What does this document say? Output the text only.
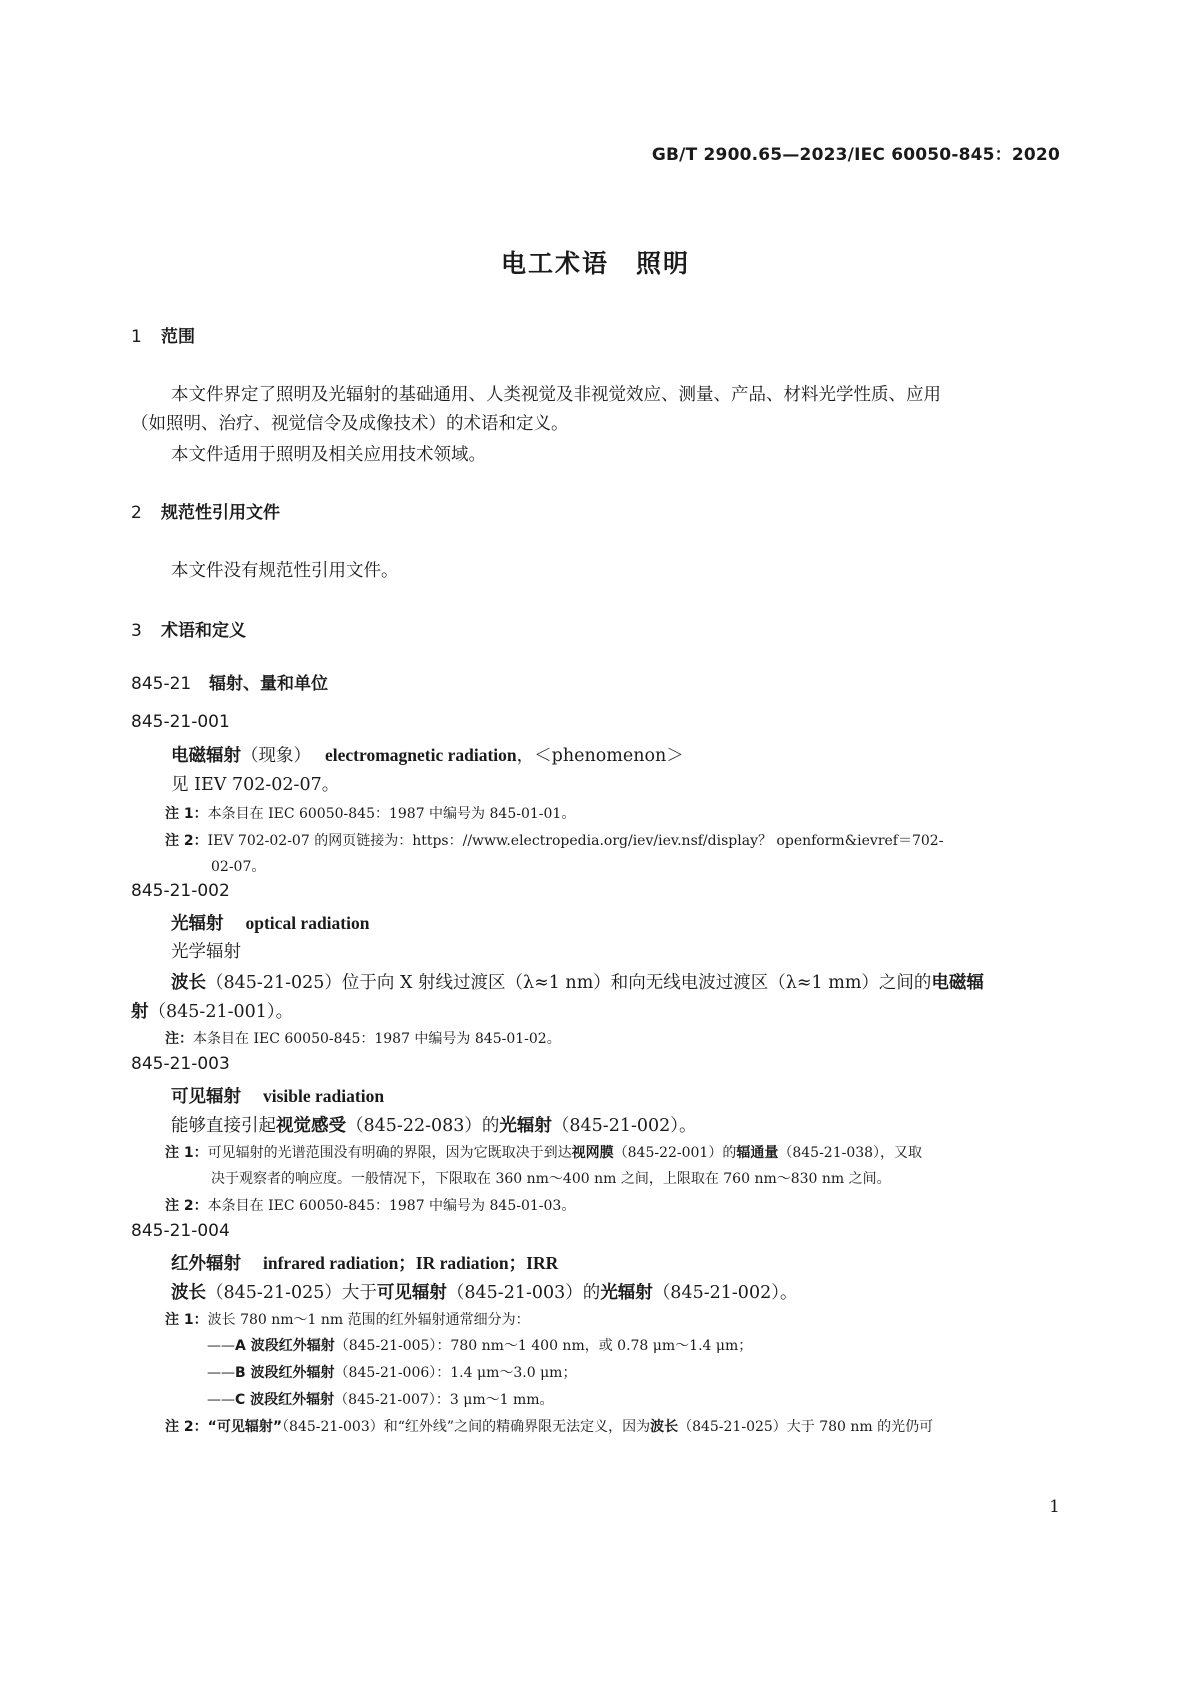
GB/T 2900.65—2023/IEC 60050-845：2020
电工术语　照明
1 范围
本文件界定了照明及光辐射的基础通用、人类视觉及非视觉效应、测量、产品、材料光学性质、应用
（如照明、治疗、视觉信令及成像技术）的术语和定义。
本文件适用于照明及相关应用技术领域。
2 规范性引用文件
本文件没有规范性引用文件。
3 术语和定义
845-21 辐射、量和单位
845-21-001
电磁辐射（现象） electromagnetic radiation，＜phenomenon＞
见 IEV 702-02-07。
注 1：本条目在 IEC 60050-845：1987 中编号为 845-01-01。
注 2：IEV 702-02-07 的网页链接为：https：//www.electropedia.org/iev/iev.nsf/display？ openform&ievref＝702-
02-07。
845-21-002
光辐射 optical radiation
光学辐射
波长（845-21-025）位于向 X 射线过渡区（λ≈1 nm）和向无线电波过渡区（λ≈1 mm）之间的电磁辐
射（845-21-001）。
注：本条目在 IEC 60050-845：1987 中编号为 845-01-02。
845-21-003
可见辐射 visible radiation
能够直接引起视觉感受（845-22-083）的光辐射（845-21-002）。
注 1：可见辐射的光谱范围没有明确的界限，因为它既取决于到达视网膜（845-22-001）的辐通量（845-21-038），又取
决于观察者的响应度。一般情况下，下限取在 360 nm～400 nm 之间，上限取在 760 nm～830 nm 之间。
注 2：本条目在 IEC 60050-845：1987 中编号为 845-01-03。
845-21-004
红外辐射 infrared radiation；IR radiation；IRR
波长（845-21-025）大于可见辐射（845-21-003）的光辐射（845-21-002）。
注 1：波长 780 nm～1 nm 范围的红外辐射通常细分为：
——A 波段红外辐射（845-21-005）：780 nm～1 400 nm，或 0.78 μm～1.4 μm；
——B 波段红外辐射（845-21-006）：1.4 μm～3.0 μm；
——C 波段红外辐射（845-21-007）：3 μm～1 mm。
注 2：“可见辐射”（845-21-003）和“红外线”之间的精确界限无法定义，因为波长（845-21-025）大于 780 nm 的光仍可
1
